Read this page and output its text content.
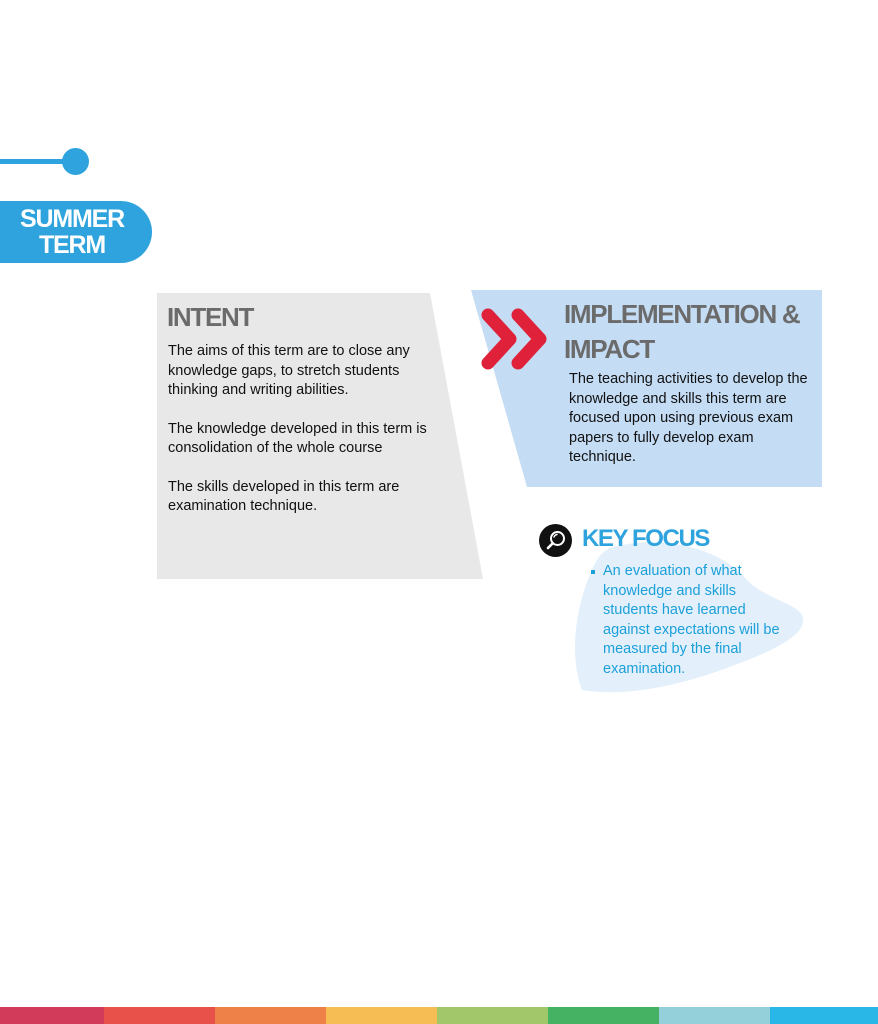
SUMMER
TERM
INTENT

The aims of this term are to close any knowledge gaps, to stretch students thinking and writing abilities.

The knowledge developed in this term is consolidation of the whole course

The skills developed in this term are examination technique.

IMPLEMENTATION & IMPACT
The teaching activities to develop the knowledge and skills this term are focused upon using previous exam papers to fully develop exam technique.
KEY FOCUS
An evaluation of what knowledge and skills students have learned against expectations will be measured by the final examination.
